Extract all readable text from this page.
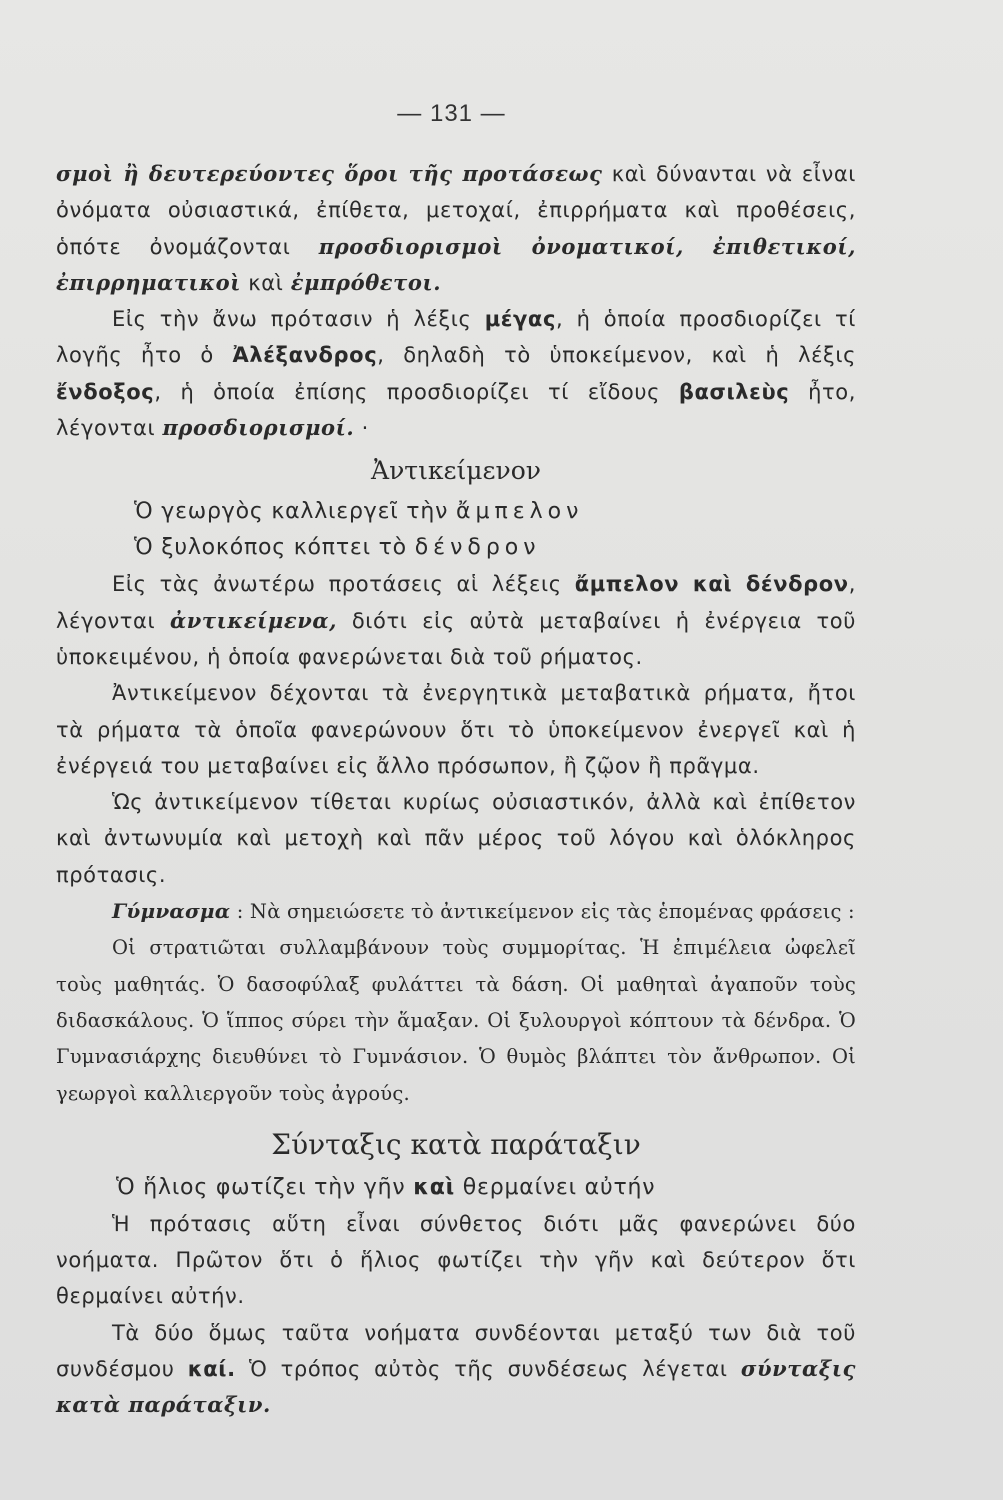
— 131 —

σμοὶ ἢ δευτερεύοντες ὅροι τῆς προτάσεως καὶ δύνανται νὰ εἶναι ὀνόματα οὐσιαστικά, ἐπίθετα, μετοχαί, ἐπιρρήματα καὶ προθέσεις, ὁπότε ὀνομάζονται προσδιορισμοὶ ὀνοματικοί, ἐπιθετικοί, ἐπιρρηματικοὶ καὶ ἐμπρόθετοι.

Εἰς τὴν ἄνω πρότασιν ἡ λέξις μέγας, ἡ ὁποία προσδιορίζει τί λογῆς ἦτο ὁ Ἀλέξανδρος, δηλαδὴ τὸ ὑποκείμενον, καὶ ἡ λέξις ἔνδοξος, ἡ ὁποία ἐπίσης προσδιορίζει τί εἴδους βασιλεὺς ἦτο, λέγονται προσδιορισμοί. ·

Ἀντικείμενον

Ὁ γεωργὸς καλλιεργεῖ τὴν ἄμπελον

Ὁ ξυλοκόπος κόπτει τὸ δένδρον

Εἰς τὰς ἀνωτέρω προτάσεις αἱ λέξεις ἄμπελον καὶ δένδρον, λέγονται ἀντικείμενα, διότι εἰς αὐτὰ μεταβαίνει ἡ ἐνέργεια τοῦ ὑποκειμένου, ἡ ὁποία φανερώνεται διὰ τοῦ ρήματος.

Ἀντικείμενον δέχονται τὰ ἐνεργητικὰ μεταβατικὰ ρήματα, ἤτοι τὰ ρήματα τὰ ὁποῖα φανερώνουν ὅτι τὸ ὑποκείμενον ἐνεργεῖ καὶ ἡ ἐνέργειά του μεταβαίνει εἰς ἄλλο πρόσωπον, ἢ ζῷον ἢ πρᾶγμα.

Ὡς ἀντικείμενον τίθεται κυρίως οὐσιαστικόν, ἀλλὰ καὶ ἐπίθετον καὶ ἀντωνυμία καὶ μετοχὴ καὶ πᾶν μέρος τοῦ λόγου καὶ ὁλόκληρος πρότασις.

Γύμνασμα : Νὰ σημειώσετε τὸ ἀντικείμενον εἰς τὰς ἑπομένας φράσεις :

Οἱ στρατιῶται συλλαμβάνουν τοὺς συμμορίτας. Ἡ ἐπιμέλεια ὠφελεῖ τοὺς μαθητάς. Ὁ δασοφύλαξ φυλάττει τὰ δάση. Οἱ μαθηταὶ ἀγαποῦν τοὺς διδασκάλους. Ὁ ἵππος σύρει τὴν ἅμαξαν. Οἱ ξυλουργοὶ κόπτουν τὰ δένδρα. Ὁ Γυμνασιάρχης διευθύνει τὸ Γυμνάσιον. Ὁ θυμὸς βλάπτει τὸν ἄνθρωπον. Οἱ γεωργοὶ καλλιεργοῦν τοὺς ἀγρούς.

Σύνταξις κατὰ παράταξιν

Ὁ ἥλιος φωτίζει τὴν γῆν καὶ θερμαίνει αὐτήν

Ἡ πρότασις αὕτη εἶναι σύνθετος διότι μᾶς φανερώνει δύο νοήματα. Πρῶτον ὅτι ὁ ἥλιος φωτίζει τὴν γῆν καὶ δεύτερον ὅτι θερμαίνει αὐτήν.

Τὰ δύο ὅμως ταῦτα νοήματα συνδέονται μεταξύ των διὰ τοῦ συνδέσμου καί. Ὁ τρόπος αὐτὸς τῆς συνδέσεως λέγεται σύνταξις κατὰ παράταξιν.
